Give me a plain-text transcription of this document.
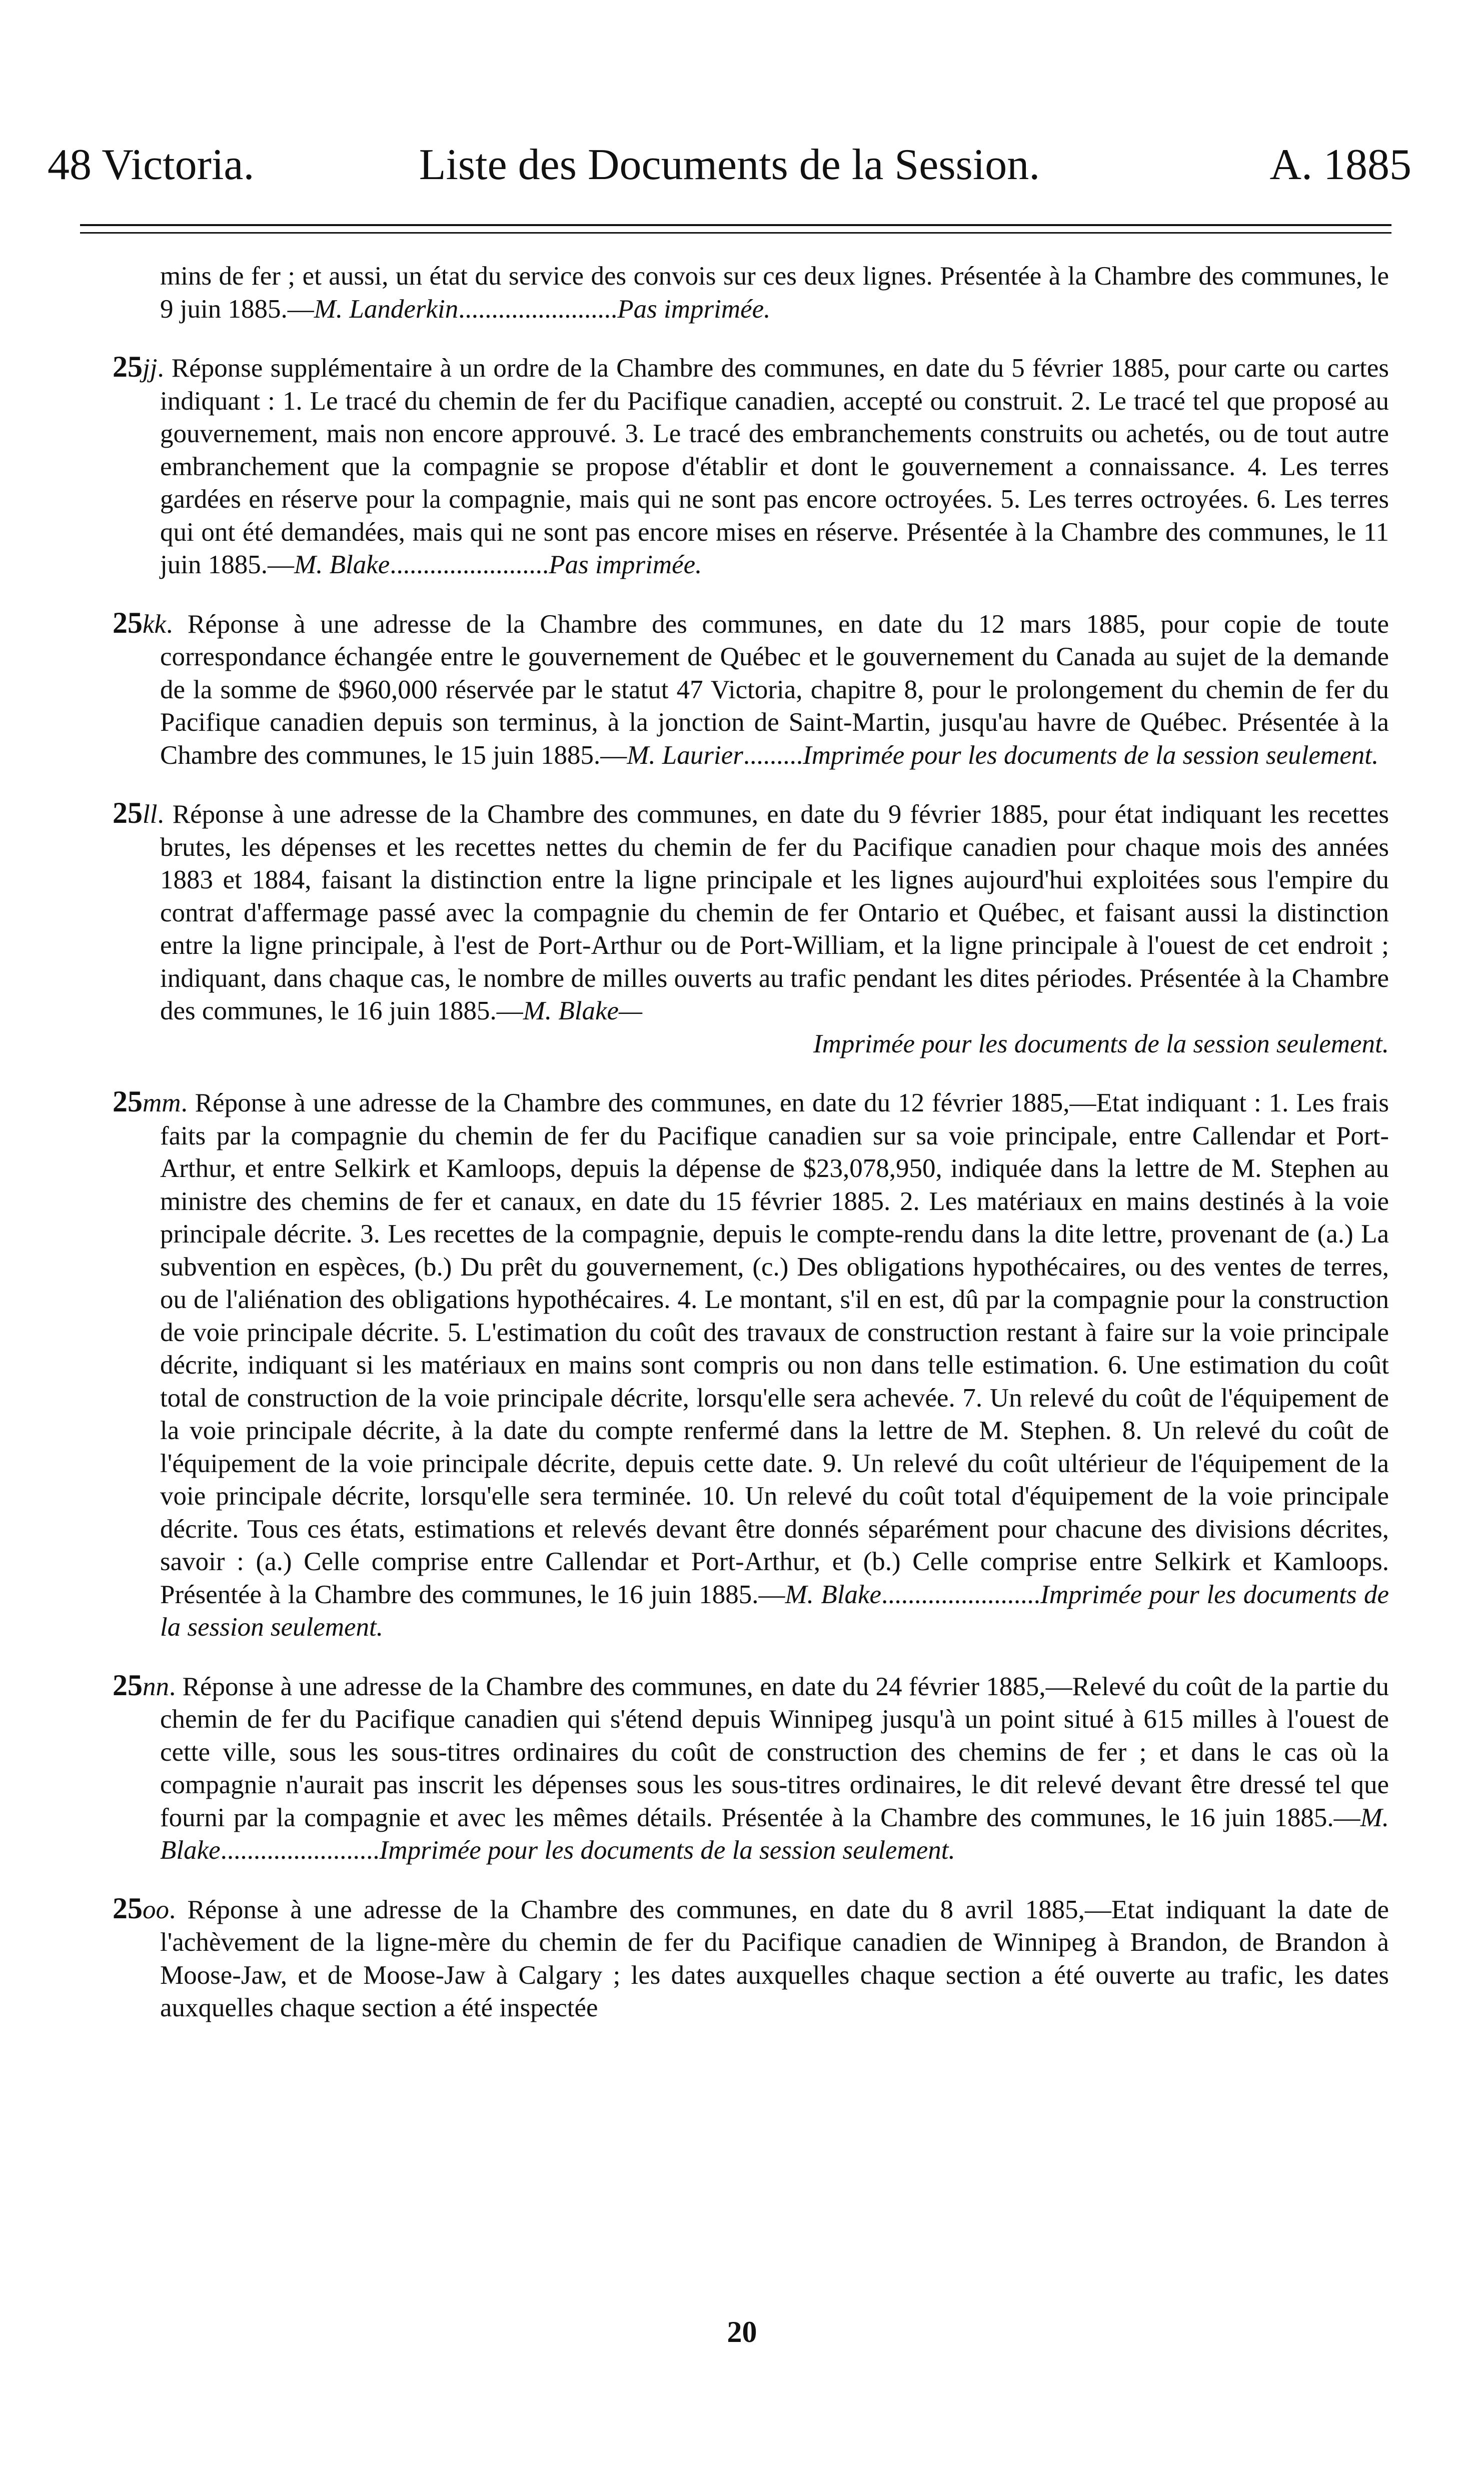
48 Victoria.	Liste des Documents de la Session.	A. 1885

mins de fer ; et aussi, un état du service des convois sur ces deux lignes. Présentée à la Chambre des communes, le 9 juin 1885.—M. Landerkin........................Pas imprimée.

25jj. Réponse supplémentaire à un ordre de la Chambre des communes, en date du 5 février 1885, pour carte ou cartes indiquant : 1. Le tracé du chemin de fer du Pacifique canadien, accepté ou construit. 2. Le tracé tel que proposé au gouvernement, mais non encore approuvé. 3. Le tracé des embranchements construits ou achetés, ou de tout autre embranchement que la compagnie se propose d'établir et dont le gouvernement a connaissance. 4. Les terres gardées en réserve pour la compagnie, mais qui ne sont pas encore octroyées. 5. Les terres octroyées. 6. Les terres qui ont été demandées, mais qui ne sont pas encore mises en réserve. Présentée à la Chambre des communes, le 11 juin 1885.—M. Blake........................Pas imprimée.

25kk. Réponse à une adresse de la Chambre des communes, en date du 12 mars 1885, pour copie de toute correspondance échangée entre le gouvernement de Québec et le gouvernement du Canada au sujet de la demande de la somme de $960,000 réservée par le statut 47 Victoria, chapitre 8, pour le prolongement du chemin de fer du Pacifique canadien depuis son terminus, à la jonction de Saint-Martin, jusqu'au havre de Québec. Présentée à la Chambre des communes, le 15 juin 1885.—M. Laurier.........Imprimée pour les documents de la session seulement.

25ll. Réponse à une adresse de la Chambre des communes, en date du 9 février 1885, pour état indiquant les recettes brutes, les dépenses et les recettes nettes du chemin de fer du Pacifique canadien pour chaque mois des années 1883 et 1884, faisant la distinction entre la ligne principale et les lignes aujourd'hui exploitées sous l'empire du contrat d'affermage passé avec la compagnie du chemin de fer Ontario et Québec, et faisant aussi la distinction entre la ligne principale, à l'est de Port-Arthur ou de Port-William, et la ligne principale à l'ouest de cet endroit ; indiquant, dans chaque cas, le nombre de milles ouverts au trafic pendant les dites périodes. Présentée à la Chambre des communes, le 16 juin 1885.—M. Blake—
Imprimée pour les documents de la session seulement.

25mm. Réponse à une adresse de la Chambre des communes, en date du 12 février 1885,—Etat indiquant : 1. Les frais faits par la compagnie du chemin de fer du Pacifique canadien sur sa voie principale, entre Callendar et Port-Arthur, et entre Selkirk et Kamloops, depuis la dépense de $23,078,950, indiquée dans la lettre de M. Stephen au ministre des chemins de fer et canaux, en date du 15 février 1885. 2. Les matériaux en mains destinés à la voie principale décrite. 3. Les recettes de la compagnie, depuis le compte-rendu dans la dite lettre, provenant de (a.) La subvention en espèces, (b.) Du prêt du gouvernement, (c.) Des obligations hypothécaires, ou des ventes de terres, ou de l'aliénation des obligations hypothécaires. 4. Le montant, s'il en est, dû par la compagnie pour la construction de voie principale décrite. 5. L'estimation du coût des travaux de construction restant à faire sur la voie principale décrite, indiquant si les matériaux en mains sont compris ou non dans telle estimation. 6. Une estimation du coût total de construction de la voie principale décrite, lorsqu'elle sera achevée. 7. Un relevé du coût de l'équipement de la voie principale décrite, à la date du compte renfermé dans la lettre de M. Stephen. 8. Un relevé du coût de l'équipement de la voie principale décrite, depuis cette date. 9. Un relevé du coût ultérieur de l'équipement de la voie principale décrite, lorsqu'elle sera terminée. 10. Un relevé du coût total d'équipement de la voie principale décrite. Tous ces états, estimations et relevés devant être donnés séparément pour chacune des divisions décrites, savoir : (a.) Celle comprise entre Callendar et Port-Arthur, et (b.) Celle comprise entre Selkirk et Kamloops. Présentée à la Chambre des communes, le 16 juin 1885.—M. Blake........................Imprimée pour les documents de la session seulement.

25nn. Réponse à une adresse de la Chambre des communes, en date du 24 février 1885,—Relevé du coût de la partie du chemin de fer du Pacifique canadien qui s'étend depuis Winnipeg jusqu'à un point situé à 615 milles à l'ouest de cette ville, sous les sous-titres ordinaires du coût de construction des chemins de fer ; et dans le cas où la compagnie n'aurait pas inscrit les dépenses sous les sous-titres ordinaires, le dit relevé devant être dressé tel que fourni par la compagnie et avec les mêmes détails. Présentée à la Chambre des communes, le 16 juin 1885.—M. Blake........................Imprimée pour les documents de la session seulement.

25oo. Réponse à une adresse de la Chambre des communes, en date du 8 avril 1885,—Etat indiquant la date de l'achèvement de la ligne-mère du chemin de fer du Pacifique canadien de Winnipeg à Brandon, de Brandon à Moose-Jaw, et de Moose-Jaw à Calgary ; les dates auxquelles chaque section a été ouverte au trafic, les dates auxquelles chaque section a été inspectée

20
